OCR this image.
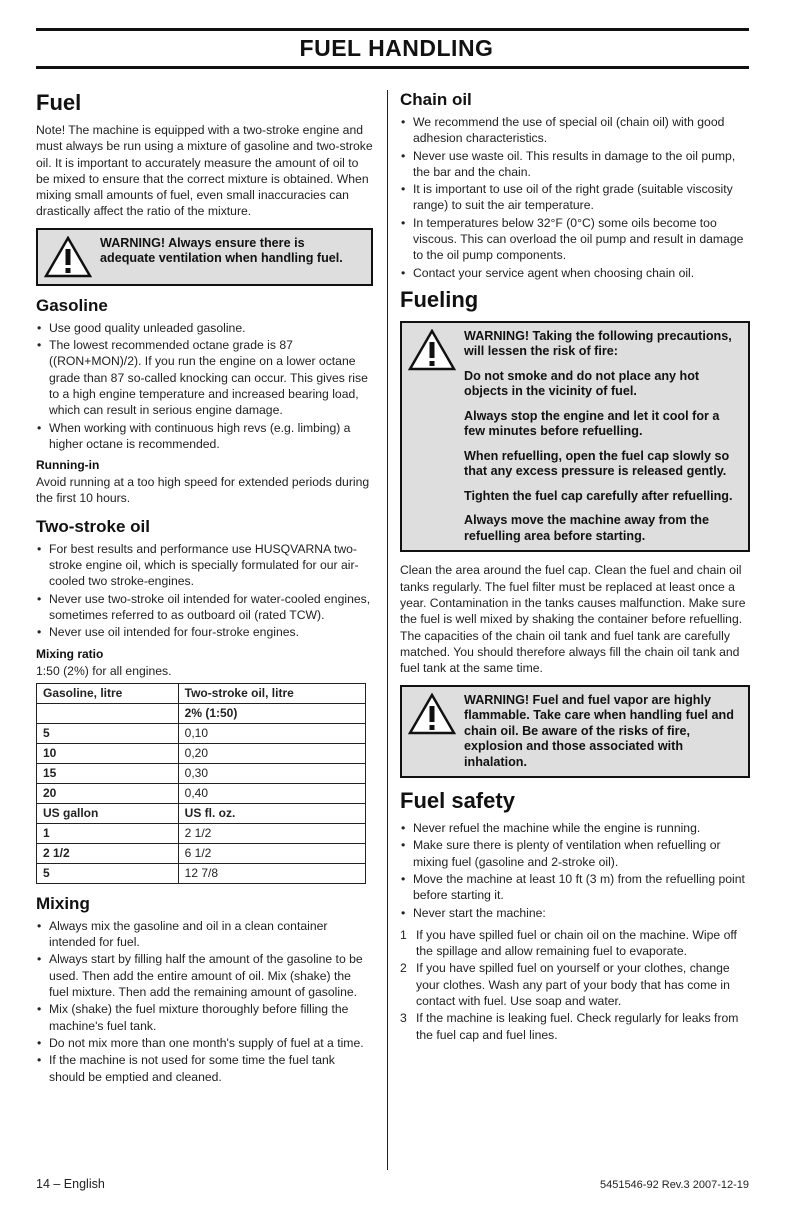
FUEL HANDLING
Fuel

Note! The machine is equipped with a two-stroke engine and must always be run using a mixture of gasoline and two-stroke oil. It is important to accurately measure the amount of oil to be mixed to ensure that the correct mixture is obtained. When mixing small amounts of fuel, even small inaccuracies can drastically affect the ratio of the mixture.

WARNING! Always ensure there is adequate ventilation when handling fuel.
Gasoline
• Use good quality unleaded gasoline.
• The lowest recommended octane grade is 87 ((RON+MON)/2). If you run the engine on a lower octane grade than 87 so-called knocking can occur. This gives rise to a high engine temperature and increased bearing load, which can result in serious engine damage.
• When working with continuous high revs (e.g. limbing) a higher octane is recommended.
Running-in

Avoid running at a too high speed for extended periods during the first 10 hours.

Two-stroke oil
• For best results and performance use HUSQVARNA two-stroke engine oil, which is specially formulated for our air-cooled two stroke-engines.
• Never use two-stroke oil intended for water-cooled engines, sometimes referred to as outboard oil (rated TCW).
• Never use oil intended for four-stroke engines.
Mixing ratio

1:50 (2%) for all engines.

Gasoline, litre	Two-stroke oil, litre
	2% (1:50)
5	0,10
10	0,20
15	0,30
20	0,40
US gallon	US fl. oz.
1	2 1/2
2 1/2	6 1/2
5	12 7/8
Mixing
• Always mix the gasoline and oil in a clean container intended for fuel.
• Always start by filling half the amount of the gasoline to be used. Then add the entire amount of oil. Mix (shake) the fuel mixture. Then add the remaining amount of gasoline.
• Mix (shake) the fuel mixture thoroughly before filling the machine's fuel tank.
• Do not mix more than one month's supply of fuel at a time.
• If the machine is not used for some time the fuel tank should be emptied and cleaned.
Chain oil
• We recommend the use of special oil (chain oil) with good adhesion characteristics.
• Never use waste oil. This results in damage to the oil pump, the bar and the chain.
• It is important to use oil of the right grade (suitable viscosity range) to suit the air temperature.
• In temperatures below 32°F (0°C) some oils become too viscous. This can overload the oil pump and result in damage to the oil pump components.
• Contact your service agent when choosing chain oil.
Fueling
WARNING! Taking the following precautions, will lessen the risk of fire:
Do not smoke and do not place any hot objects in the vicinity of fuel.
Always stop the engine and let it cool for a few minutes before refuelling.
When refuelling, open the fuel cap slowly so that any excess pressure is released gently.
Tighten the fuel cap carefully after refuelling.
Always move the machine away from the refuelling area before starting.

Clean the area around the fuel cap. Clean the fuel and chain oil tanks regularly. The fuel filter must be replaced at least once a year. Contamination in the tanks causes malfunction. Make sure the fuel is well mixed by shaking the container before refuelling. The capacities of the chain oil tank and fuel tank are carefully matched. You should therefore always fill the chain oil tank and fuel tank at the same time.

WARNING! Fuel and fuel vapor are highly flammable. Take care when handling fuel and chain oil. Be aware of the risks of fire, explosion and those associated with inhalation.
Fuel safety
• Never refuel the machine while the engine is running.
• Make sure there is plenty of ventilation when refuelling or mixing fuel (gasoline and 2-stroke oil).
• Move the machine at least 10 ft (3 m) from the refuelling point before starting it.
• Never start the machine:
1 If you have spilled fuel or chain oil on the machine. Wipe off the spillage and allow remaining fuel to evaporate.
2 If you have spilled fuel on yourself or your clothes, change your clothes. Wash any part of your body that has come in contact with fuel. Use soap and water.
3 If the machine is leaking fuel. Check regularly for leaks from the fuel cap and fuel lines.
14 – English	5451546-92 Rev.3 2007-12-19
